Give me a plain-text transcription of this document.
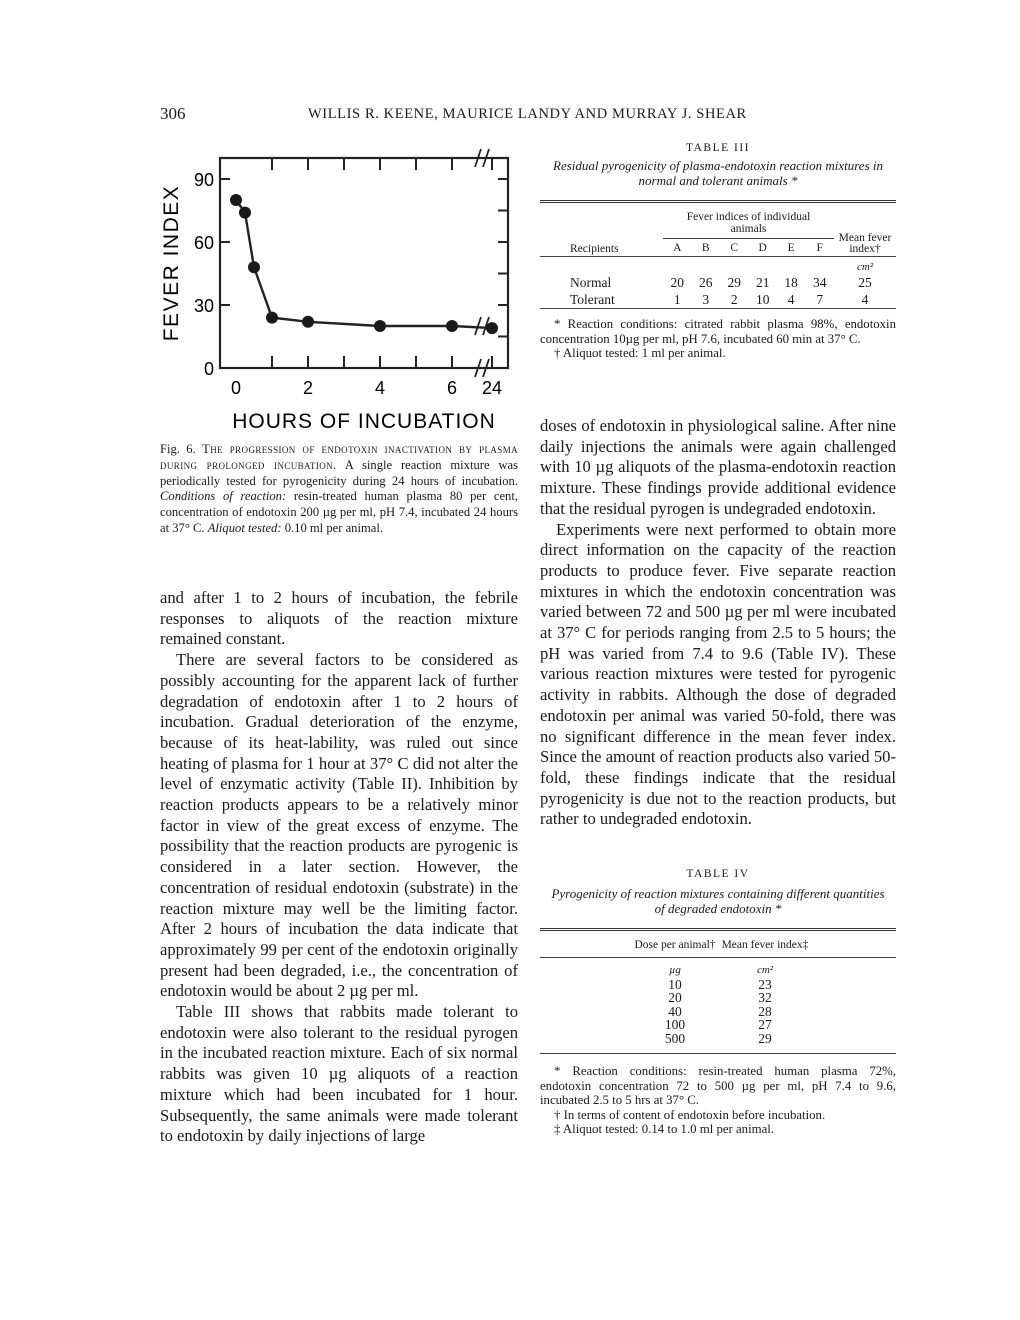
306	WILLIS R. KEENE, MAURICE LANDY AND MURRAY J. SHEAR
FEVER INDEX
HOURS OF INCUBATION
0
30
60
90
0	2	4	6 24
Fig. 6. The progression of endotoxin inactivation by plasma during prolonged incubation. A single reaction mixture was periodically tested for pyrogenicity during 24 hours of incubation. Conditions of reaction: resin-treated human plasma 80 per cent, concentration of endotoxin 200 µg per ml, pH 7.4, incubated 24 hours at 37° C. Aliquot tested: 0.10 ml per animal.

and after 1 to 2 hours of incubation, the febrile responses to aliquots of the reaction mixture remained constant.

There are several factors to be considered as possibly accounting for the apparent lack of further degradation of endotoxin after 1 to 2 hours of incubation. Gradual deterioration of the enzyme, because of its heat-lability, was ruled out since heating of plasma for 1 hour at 37° C did not alter the level of enzymatic activity (Table II). Inhibition by reaction products appears to be a relatively minor factor in view of the great excess of enzyme. The possibility that the reaction products are pyrogenic is considered in a later section. However, the concentration of residual endotoxin (substrate) in the reaction mixture may well be the limiting factor. After 2 hours of incubation the data indicate that approximately 99 per cent of the endotoxin originally present had been degraded, i.e., the concentration of endotoxin would be about 2 µg per ml.

Table III shows that rabbits made tolerant to endotoxin were also tolerant to the residual pyrogen in the incubated reaction mixture. Each of six normal rabbits was given 10 µg aliquots of a reaction mixture which had been incubated for 1 hour. Subsequently, the same animals were made tolerant to endotoxin by daily injections of large

doses of endotoxin in physiological saline. After nine daily injections the animals were again challenged with 10 µg aliquots of the plasma-endotoxin reaction mixture. These findings provide additional evidence that the residual pyrogen is undegraded endotoxin.

Experiments were next performed to obtain more direct information on the capacity of the reaction products to produce fever. Five separate reaction mixtures in which the endotoxin concentration was varied between 72 and 500 µg per ml were incubated at 37° C for periods ranging from 2.5 to 5 hours; the pH was varied from 7.4 to 9.6 (Table IV). These various reaction mixtures were tested for pyrogenic activity in rabbits. Although the dose of degraded endotoxin per animal was varied 50-fold, there was no significant difference in the mean fever index. Since the amount of reaction products also varied 50-fold, these findings indicate that the residual pyrogenicity is due not to the reaction products, but rather to undegraded endotoxin.

TABLE III
Residual pyrogenicity of plasma-endotoxin reaction mixtures in normal and tolerant animals *
Recipients	Fever indices of individual animals						Mean fever index†
	A	B	C	D	E	F	

							cm²
Normal	20	26	29	21	18	34	25
Tolerant	1	3	2	10	4	7	4

* Reaction conditions: citrated rabbit plasma 98%, endotoxin concentration 10µg per ml, pH 7.6, incubated 60 min at 37° C.

† Aliquot tested: 1 ml per animal.

TABLE IV
Pyrogenicity of reaction mixtures containing different quantities of degraded endotoxin *
Dose per animal†	Mean fever index‡
µg	cm²
10	23
20	32
40	28
100	27
500	29

* Reaction conditions: resin-treated human plasma 72%, endotoxin concentration 72 to 500 µg per ml, pH 7.4 to 9.6, incubated 2.5 to 5 hrs at 37° C.

† In terms of content of endotoxin before incubation.

‡ Aliquot tested: 0.14 to 1.0 ml per animal.
